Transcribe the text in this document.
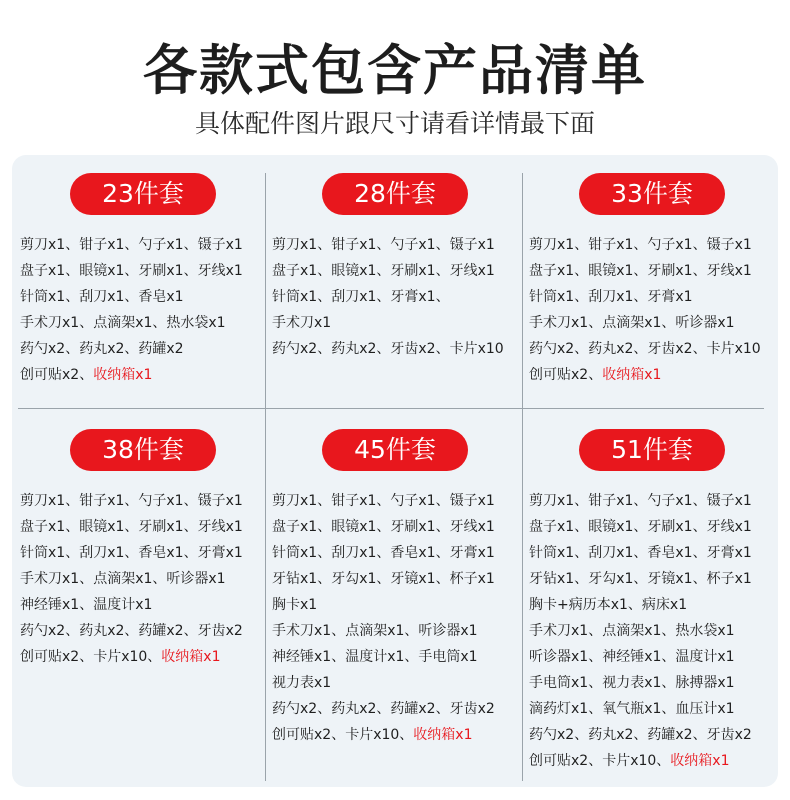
各款式包含产品清单
具体配件图片跟尺寸请看详情最下面
23件套
剪刀x1、钳子x1、勺子x1、镊子x1
盘子x1、眼镜x1、牙刷x1、牙线x1
针筒x1、刮刀x1、香皂x1
手术刀x1、点滴架x1、热水袋x1
药勺x2、药丸x2、药罐x2
创可贴x2、收纳箱x1
28件套
剪刀x1、钳子x1、勺子x1、镊子x1
盘子x1、眼镜x1、牙刷x1、牙线x1
针筒x1、刮刀x1、牙膏x1、
手术刀x1
药勺x2、药丸x2、牙齿x2、卡片x10
33件套
剪刀x1、钳子x1、勺子x1、镊子x1
盘子x1、眼镜x1、牙刷x1、牙线x1
针筒x1、刮刀x1、牙膏x1
手术刀x1、点滴架x1、听诊器x1
药勺x2、药丸x2、牙齿x2、卡片x10
创可贴x2、收纳箱x1
38件套
剪刀x1、钳子x1、勺子x1、镊子x1
盘子x1、眼镜x1、牙刷x1、牙线x1
针筒x1、刮刀x1、香皂x1、牙膏x1
手术刀x1、点滴架x1、听诊器x1
神经锤x1、温度计x1
药勺x2、药丸x2、药罐x2、牙齿x2
创可贴x2、卡片x10、收纳箱x1
45件套
剪刀x1、钳子x1、勺子x1、镊子x1
盘子x1、眼镜x1、牙刷x1、牙线x1
针筒x1、刮刀x1、香皂x1、牙膏x1
牙钻x1、牙勾x1、牙镜x1、杯子x1
胸卡x1
手术刀x1、点滴架x1、听诊器x1
神经锤x1、温度计x1、手电筒x1
视力表x1
药勺x2、药丸x2、药罐x2、牙齿x2
创可贴x2、卡片x10、收纳箱x1
51件套
剪刀x1、钳子x1、勺子x1、镊子x1
盘子x1、眼镜x1、牙刷x1、牙线x1
针筒x1、刮刀x1、香皂x1、牙膏x1
牙钻x1、牙勾x1、牙镜x1、杯子x1
胸卡+病历本x1、病床x1
手术刀x1、点滴架x1、热水袋x1
听诊器x1、神经锤x1、温度计x1
手电筒x1、视力表x1、脉搏器x1
滴药灯x1、氧气瓶x1、血压计x1
药勺x2、药丸x2、药罐x2、牙齿x2
创可贴x2、卡片x10、收纳箱x1
